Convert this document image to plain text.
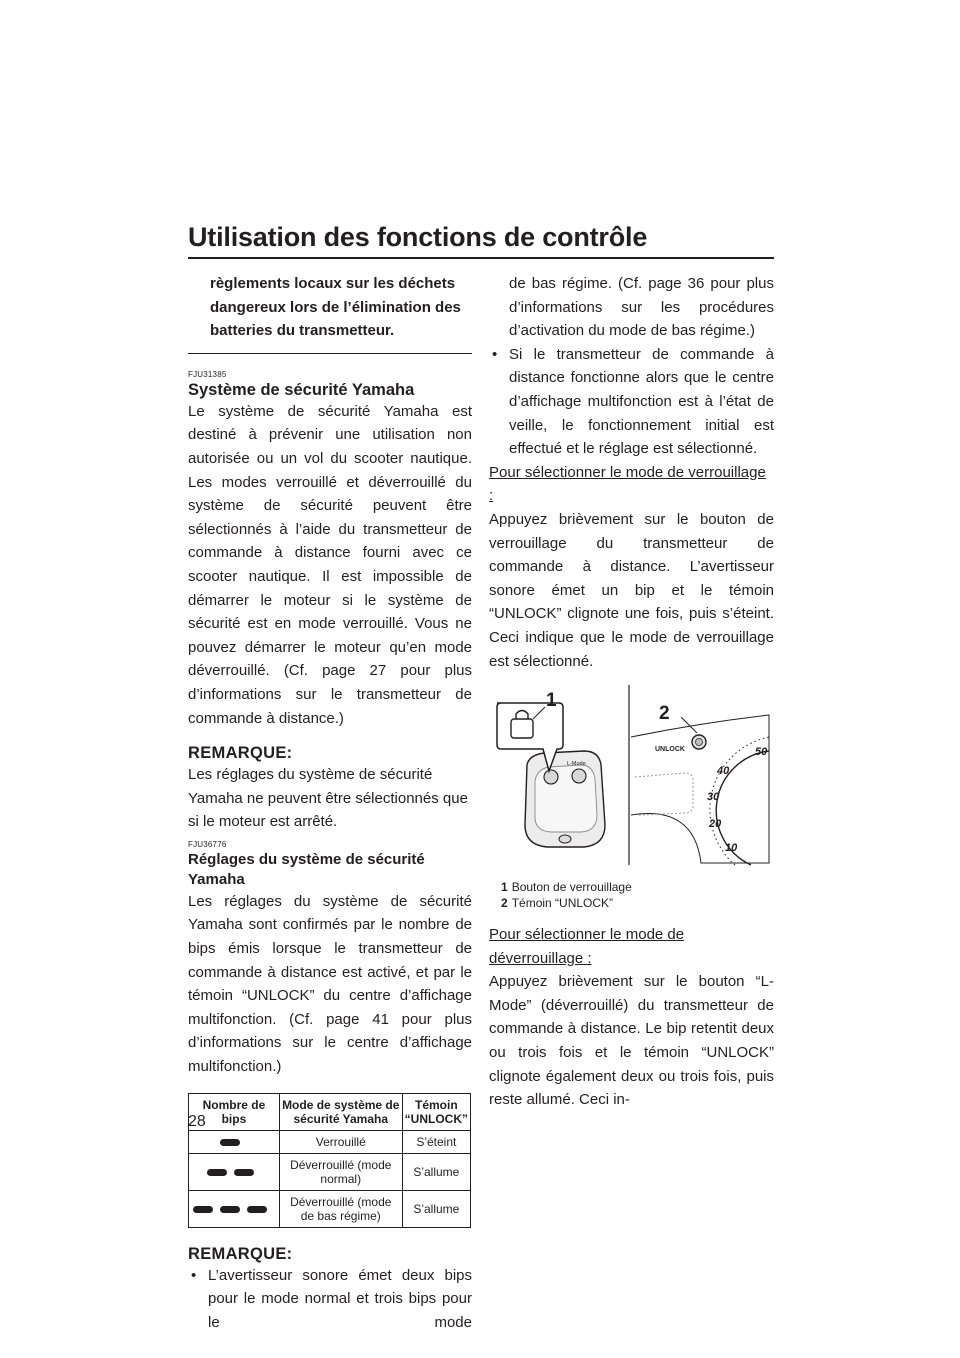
Utilisation des fonctions de contrôle

règlements locaux sur les déchets dangereux lors de l’élimination des batteries du transmetteur.

FJU31385
Système de sécurité Yamaha

Le système de sécurité Yamaha est destiné à prévenir une utilisation non autorisée ou un vol du scooter nautique. Les modes verrouillé et déverrouillé du système de sécurité peuvent être sélectionnés à l’aide du transmetteur de commande à distance fourni avec ce scooter nautique. Il est impossible de démarrer le moteur si le système de sécurité est en mode verrouillé. Vous ne pouvez démarrer le moteur qu’en mode déverrouillé. (Cf. page 27 pour plus d’informations sur le transmetteur de commande à distance.)

REMARQUE:

Les réglages du système de sécurité Yamaha ne peuvent être sélectionnés que si le moteur est arrêté.

FJU36776
Réglages du système de sécurité Yamaha

Les réglages du système de sécurité Yamaha sont confirmés par le nombre de bips émis lorsque le transmetteur de commande à distance est activé, et par le témoin “UNLOCK” du centre d’affichage multifonction. (Cf. page 41 pour plus d’informations sur le centre d’affichage multifonction.)

Nombre de bips	Mode de système de sécurité Yamaha	Témoin “UNLOCK”
	Verrouillé	S’éteint
	Déverrouillé (mode normal)	S’allume
	Déverrouillé (mode de bas régime)	S’allume
REMARQUE:
• L’avertisseur sonore émet deux bips pour le mode normal et trois bips pour le mode

de bas régime. (Cf. page 36 pour plus d’informations sur les procédures d’activation du mode de bas régime.)

• Si le transmetteur de commande à distance fonctionne alors que le centre d’affichage multifonction est à l’état de veille, le fonctionnement initial est effectué et le réglage est sélectionné.

Pour sélectionner le mode de verrouillage :

Appuyez brièvement sur le bouton de verrouillage du transmetteur de commande à distance. L’avertisseur sonore émet un bip et le témoin “UNLOCK” clignote une fois, puis s’éteint. Ceci indique que le mode de verrouillage est sélectionné.

L-Mode
1
UNLOCK
2
10
20
30
40
50
1 Bouton de verrouillage
2 Témoin “UNLOCK”

Pour sélectionner le mode de déverrouillage :

Appuyez brièvement sur le bouton “L-Mode” (déverrouillé) du transmetteur de commande à distance. Le bip retentit deux ou trois fois et le témoin “UNLOCK” clignote également deux ou trois fois, puis reste allumé. Ceci in-

28
